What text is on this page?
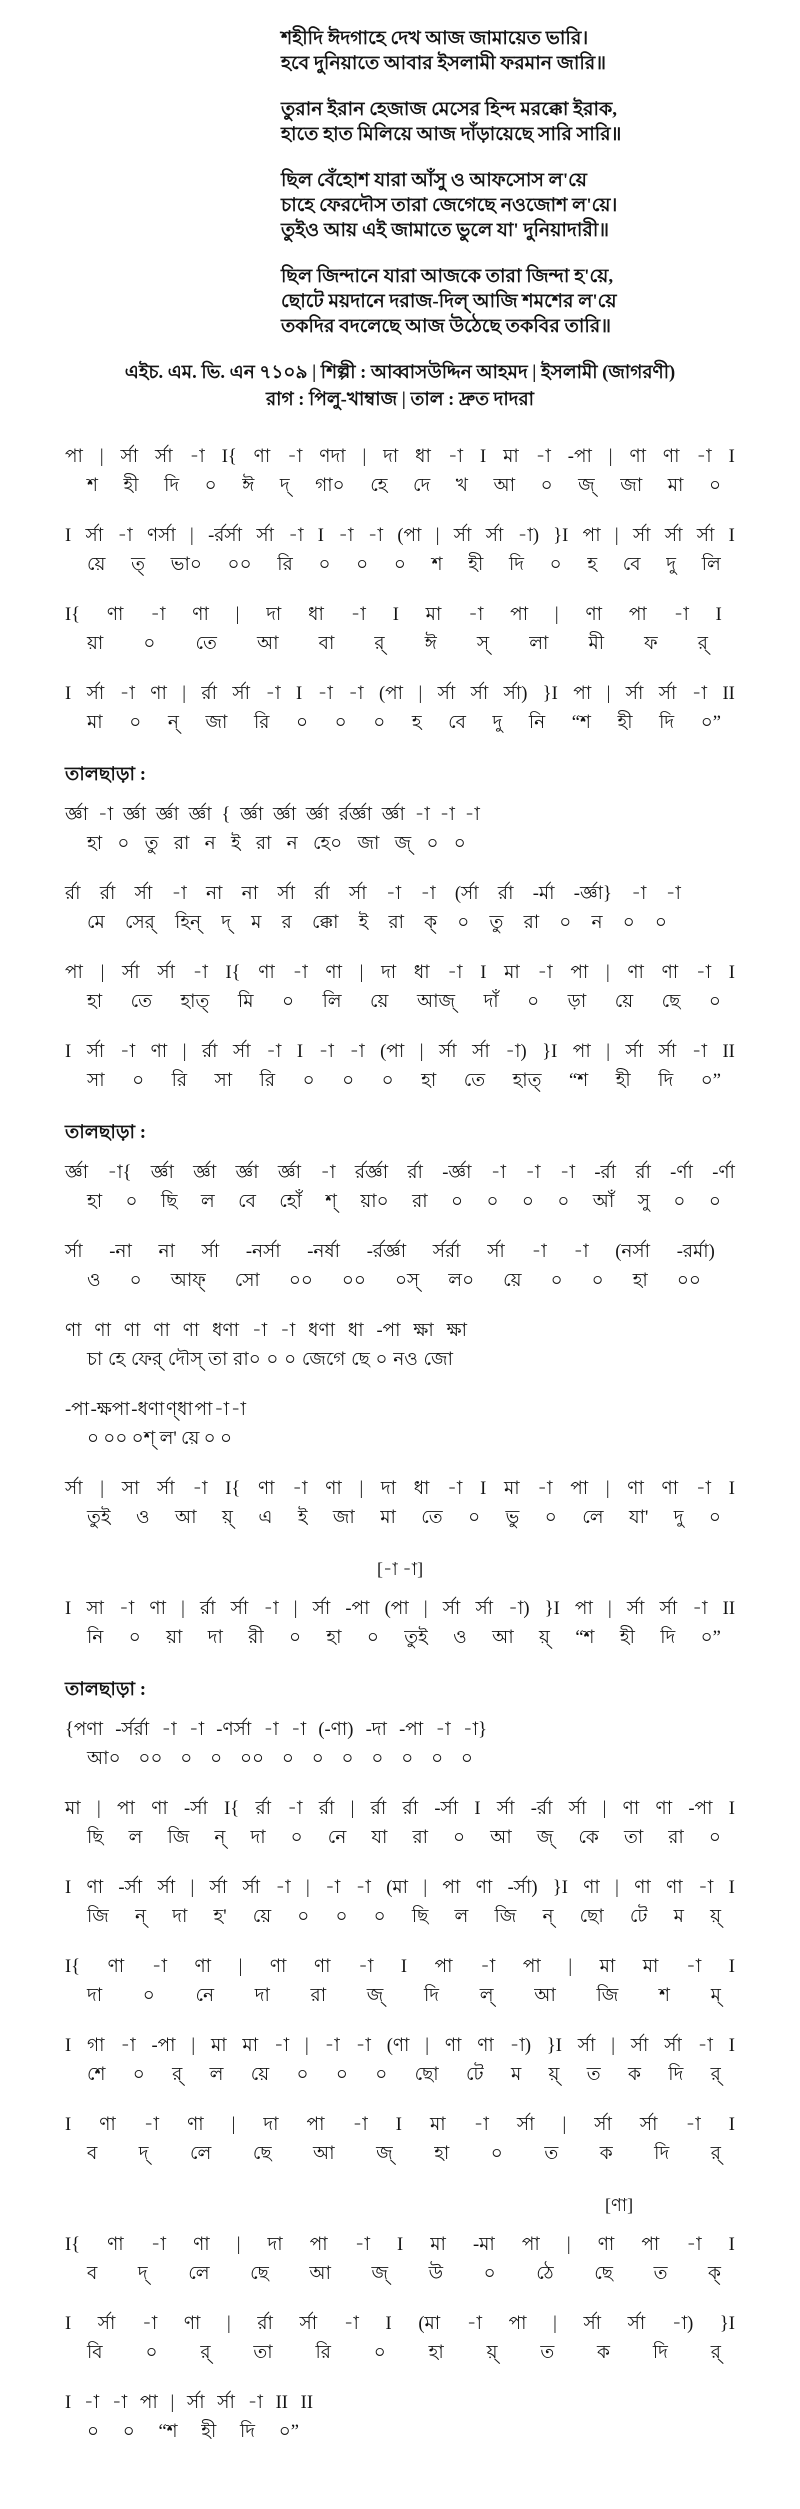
শহীদি ঈদগাহে দেখ আজ জামায়েত ভারি।
হবে দুনিয়াতে আবার ইসলামী ফরমান জারি॥
তুরান ইরান হেজাজ মেসের হিন্দ মরক্কো ইরাক,
হাতে হাত মিলিয়ে আজ দাঁড়ায়েছে সারি সারি॥
ছিল বেঁহোশ যারা আঁসু ও আফসোস ল'য়ে
চাহে ফেরদৌস তারা জেগেছে নওজোশ ল'য়ে।
তুইও আয় এই জামাতে ভুলে যা' দুনিয়াদারী॥
ছিল জিন্দানে যারা আজকে তারা জিন্দা হ'য়ে,
ছোটে ময়দানে দরাজ-দিল্ আজি শমশের ল'য়ে
তকদির বদলেছে আজ উঠেছে তকবির তারি॥
এইচ. এম. ভি. এন ৭১০৯ | শিল্পী : আব্বাসউদ্দিন আহমদ | ইসলামী (জাগরণী)
রাগ : পিলু-খাম্বাজ | তাল : দ্রুত দাদরা
পা | র্সা র্সা -া I{ ণা -া ণদা | দা ধা -া I মা -া -পা | ণা ণা -া I
শ হী দি ০ ঈ দ্ গা০ হে দে খ আ ০ জ্ জা মা ০
I র্সা -া ণর্সা | -র্রর্সা র্সা -া I -া -া (পা | র্সা র্সা -া) }I পা | র্সা র্সা র্সা I
য়ে ত্ ভা০ ০০ রি ০ ০ ০ শ হী দি ০ হ বে দু লি
I{ ণা -া ণা | দা ধা -া I মা -া পা | ণা পা -া I
য়া ০ তে আ বা র্ ঈ স্ লা মী ফ র্
I র্সা -া ণা | র্রা র্সা -া I -া -া (পা | র্সা র্সা র্সা) }I পা | র্সা র্সা -া II
মা ০ ন্ জা রি ০ ০ ০ হ বে দু নি “শ হী দি ০”
তালছাড়া :
র্জ্ঞা -া র্জ্ঞা র্জ্ঞা র্জ্ঞা { র্জ্ঞা র্জ্ঞা র্জ্ঞা র্রর্জ্ঞা র্জ্ঞা -া -া -া
হা ০ তু রা ন ই রা ন হে০ জা জ্ ০ ০
র্রা র্রা র্সা -া না না র্সা র্রা র্সা -া -া (র্সা র্রা -র্মা -র্জ্ঞা} -া -া
মে সের্ হিন্ দ্ ম র ক্কো ই রা ক্ ০ তু রা ০ ন ০ ০
পা | র্সা র্সা -া I{ ণা -া ণা | দা ধা -া I মা -া পা | ণা ণা -া I
হা তে হাত্ মি ০ লি য়ে আজ্ দাঁ ০ ড়া য়ে ছে ০
I র্সা -া ণা | র্রা র্সা -া I -া -া (পা | র্সা র্সা -া) }I পা | র্সা র্সা -া II
সা ০ রি সা রি ০ ০ ০ হা তে হাত্ “শ হী দি ০”
তালছাড়া :
র্জ্ঞা -া{ র্জ্ঞা র্জ্ঞা র্জ্ঞা র্জ্ঞা -া র্রর্জ্ঞা র্রা -র্জ্ঞা -া -া -া -র্রা র্রা -র্ণা -র্ণা
হা ০ ছি ল বে হোঁ শ্ য়া০ রা ০ ০ ০ ০ আঁ সু ০ ০
র্সা -না না র্সা -নর্সা -নর্ষা -র্রর্জ্ঞা র্সর্রা র্সা -া -া (নর্সা -রর্মা)
ও ০ আফ্ সো ০০ ০০ ০স্ ল০ য়ে ০ ০ হা ০০
ণা ণা ণা ণা ণা ধণা -া -া ধণা ধা -পা ক্ষা ক্ষা
চা হে ফের্ দৌস্ তা রা০ ০ ০ জেগে ছে ০ নও জো
-পা -ক্ষপা -ধণা ণ্ধা পা -া -া
০ ০০ ০শ্ ল' য়ে ০ ০
র্সা | সা র্সা -া I{ ণা -া ণা | দা ধা -া I মা -া পা | ণা ণা -া I
তুই ও আ য়্ এ ই জা মা তে ০ ভু ০ লে যা' দু ০
[-া -া]
I সা -া ণা | র্রা র্সা -া | র্সা -পা (পা | র্সা র্সা -া) }I পা | র্সা র্সা -া II
নি ০ য়া দা রী ০ হা ০ তুই ও আ য়্ “শ হী দি ০”
তালছাড়া :
{পণা -র্সর্রা -া -া -ণর্সা -া -া (-ণা) -দা -পা -া -া}
আ০ ০০ ০ ০ ০০ ০ ০ ০ ০ ০ ০ ০
মা | পা ণা -র্সা I{ র্রা -া র্রা | র্রা র্রা -র্সা I র্সা -র্রা র্সা | ণা ণা -পা I
ছি ল জি ন্ দা ০ নে যা রা ০ আ জ্ কে তা রা ০
I ণা -র্সা র্সা | র্সা র্সা -া | -া -া (মা | পা ণা -র্সা) }I ণা | ণা ণা -া I
জি ন্ দা হ' য়ে ০ ০ ০ ছি ল জি ন্ ছো টে ম য়্
I{ ণা -া ণা | ণা ণা -া I পা -া পা | মা মা -া I
দা ০ নে দা রা জ্ দি ল্ আ জি শ ম্
I গা -া -পা | মা মা -া | -া -া (ণা | ণা ণা -া) }I র্সা | র্সা র্সা -া I
শে ০ র্ ল য়ে ০ ০ ০ ছো টে ম য়্ ত ক দি র্
I ণা -া ণা | দা পা -া I মা -া র্সা | র্সা র্সা -া I
ব দ্ লে ছে আ জ্ হা ০ ত ক দি র্
[ণা]
I{ ণা -া ণা | দা পা -া I মা -মা পা | ণা পা -া I
ব দ্ লে ছে আ জ্ উ ০ ঠে ছে ত ক্
I র্সা -া ণা | র্রা র্সা -া I (মা -া পা | র্সা র্সা -া) }I
বি ০ র্ তা রি ০ হা য়্ ত ক দি র্
I -া -া পা | র্সা র্সা -া II II
০ ০ “শ হী দি ০”
